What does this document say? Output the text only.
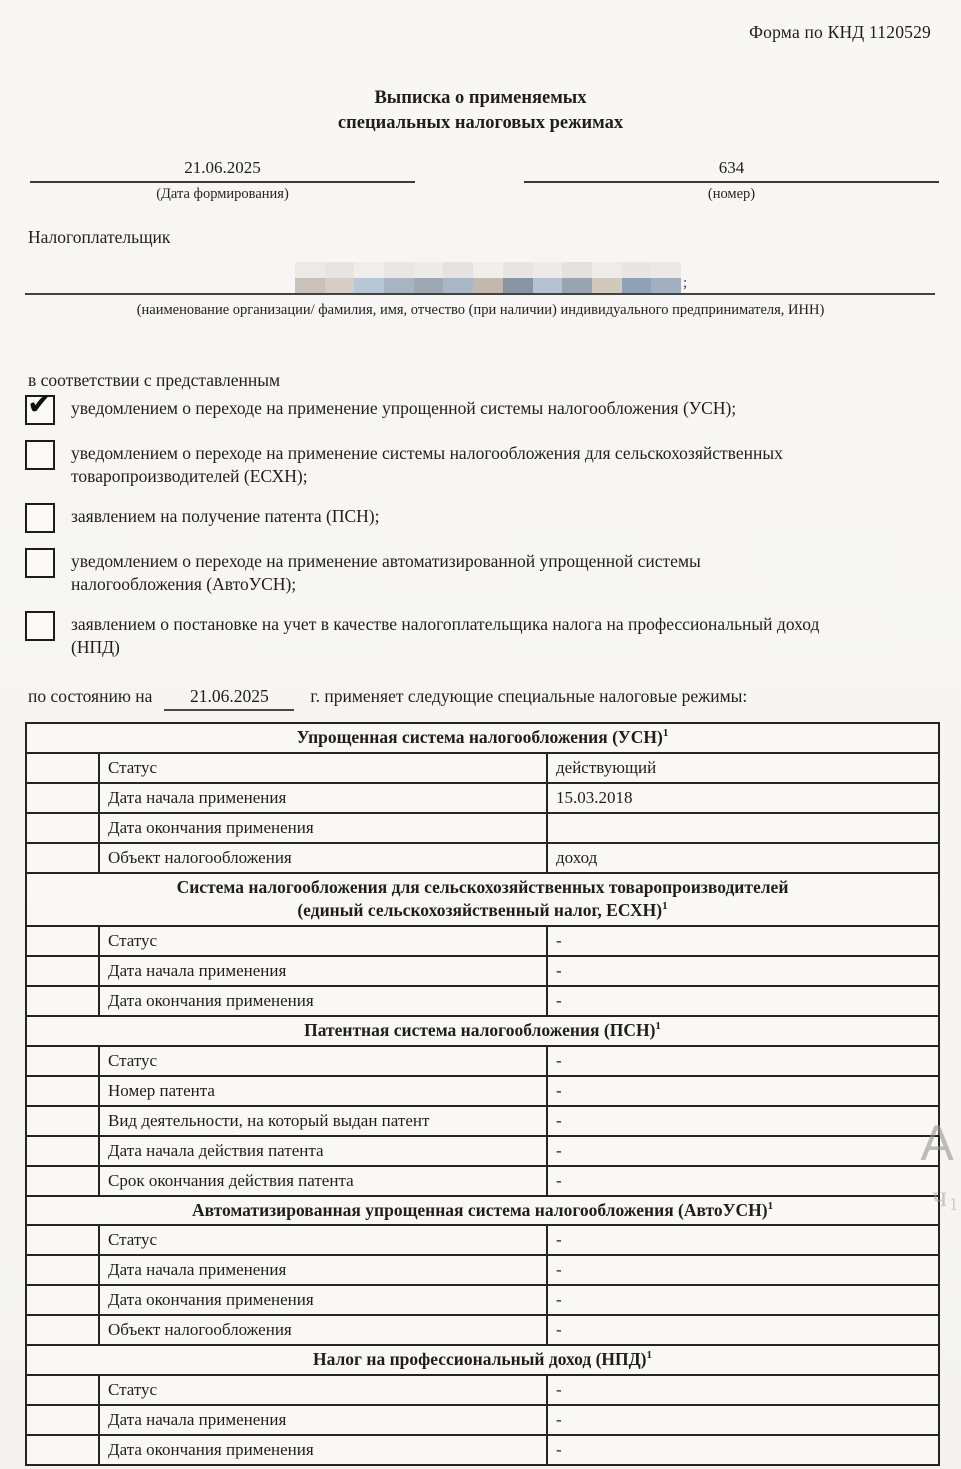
Форма по КНД 1120529
Выписка о применяемых
специальных налоговых режимах
21.06.2025
(Дата формирования)
634
(номер)
Налогоплательщик
;
(наименование организации/ фамилия, имя, отчество (при наличии) индивидуального предпринимателя, ИНН)
в соответствии с представленным
✔ уведомлением о переходе на применение упрощенной системы налогообложения (УСН);
уведомлением о переходе на применение системы налогообложения для сельскохозяйственных
товаропроизводителей (ЕСХН);
заявлением на получение патента (ПСН);
уведомлением о переходе на применение автоматизированной упрощенной системы
налогообложения (АвтоУСН);
заявлением о постановке на учет в качестве налогоплательщика налога на профессиональный доход
(НПД)
по состоянию на 21.06.2025 г. применяет следующие специальные налоговые режимы:
Упрощенная система налогообложения (УСН)$^1$
	Статус	действующий
	Дата начала применения	15.03.2018
	Дата окончания применения	
	Объект налогообложения	доход
Система налогообложения для сельскохозяйственных товаропроизводителей
(единый сельскохозяйственный налог, ЕСХН)$^1$
	Статус	-
	Дата начала применения	-
	Дата окончания применения	-
Патентная система налогообложения (ПСН)$^1$
	Статус	-
	Номер патента	-
	Вид деятельности, на который выдан патент	-
	Дата начала действия патента	-
	Срок окончания действия патента	-
Автоматизированная упрощенная система налогообложения (АвтоУСН)$^1$
	Статус	-
	Дата начала применения	-
	Дата окончания применения	-
	Объект налогообложения	-
Налог на профессиональный доход (НПД)$^1$
	Статус	-
	Дата начала применения	-
	Дата окончания применения	-
А
ч 1
